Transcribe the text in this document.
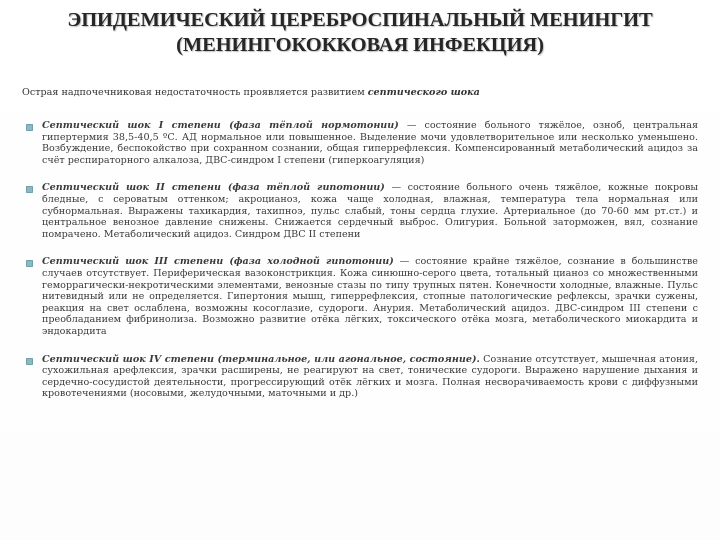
ЭПИДЕМИЧЕСКИЙ ЦЕРЕБРОСПИНАЛЬНЫЙ МЕНИНГИТ
(МЕНИНГОКОККОВАЯ ИНФЕКЦИЯ)
Острая надпочечниковая недостаточность проявляется развитием септического шока
Септический шок I степени (фаза тёплой нормотонии) — состояние больного тяжёлое, озноб, центральная гипертермия 38,5-40,5 ºС. АД нормальное или повышенное. Выделение мочи удовлетворительное или несколько уменьшено. Возбуждение, беспокойство при сохранном сознании, общая гиперрефлексия. Компенсированный метаболический ацидоз за счёт респираторного алкалоза, ДВС-синдром I степени (гиперкоагуляция)
Септический шок II степени (фаза тёплой гипотонии) — состояние больного очень тяжёлое, кожные покровы бледные, с сероватым оттенком; акроцианоз, кожа чаще холодная, влажная, температура тела нормальная или субнормальная. Выражены тахикардия, тахипноэ, пульс слабый, тоны сердца глухие. Артериальное (до 70-60 мм рт.ст.) и центральное венозное давление снижены. Снижается сердечный выброс. Олигурия. Больной заторможен, вял, сознание помрачено. Метаболический ацидоз. Синдром ДВС II степени
Септический шок III степени (фаза холодной гипотонии) — состояние крайне тяжёлое, сознание в большинстве случаев отсутствует. Периферическая вазоконстрикция. Кожа синюшно-серого цвета, тотальный цианоз со множественными геморрагически-некротическими элементами, венозные стазы по типу трупных пятен. Конечности холодные, влажные. Пульс нитевидный или не определяется. Гипертония мышц, гиперрефлексия, стопные патологические рефлексы, зрачки сужены, реакция на свет ослаблена, возможны косоглазие, судороги. Анурия. Метаболический ацидоз. ДВС-синдром III степени с преобладанием фибринолиза. Возможно развитие отёка лёгких, токсического отёка мозга, метаболического миокардита и эндокардита
Септический шок IV степени (терминальное, или агональное, состояние). Сознание отсутствует, мышечная атония, сухожильная арефлексия, зрачки расширены, не реагируют на свет, тонические судороги. Выражено нарушение дыхания и сердечно-сосудистой деятельности, прогрессирующий отёк лёгких и мозга. Полная несворачиваемость крови с диффузными кровотечениями (носовыми, желудочными, маточными и др.)
